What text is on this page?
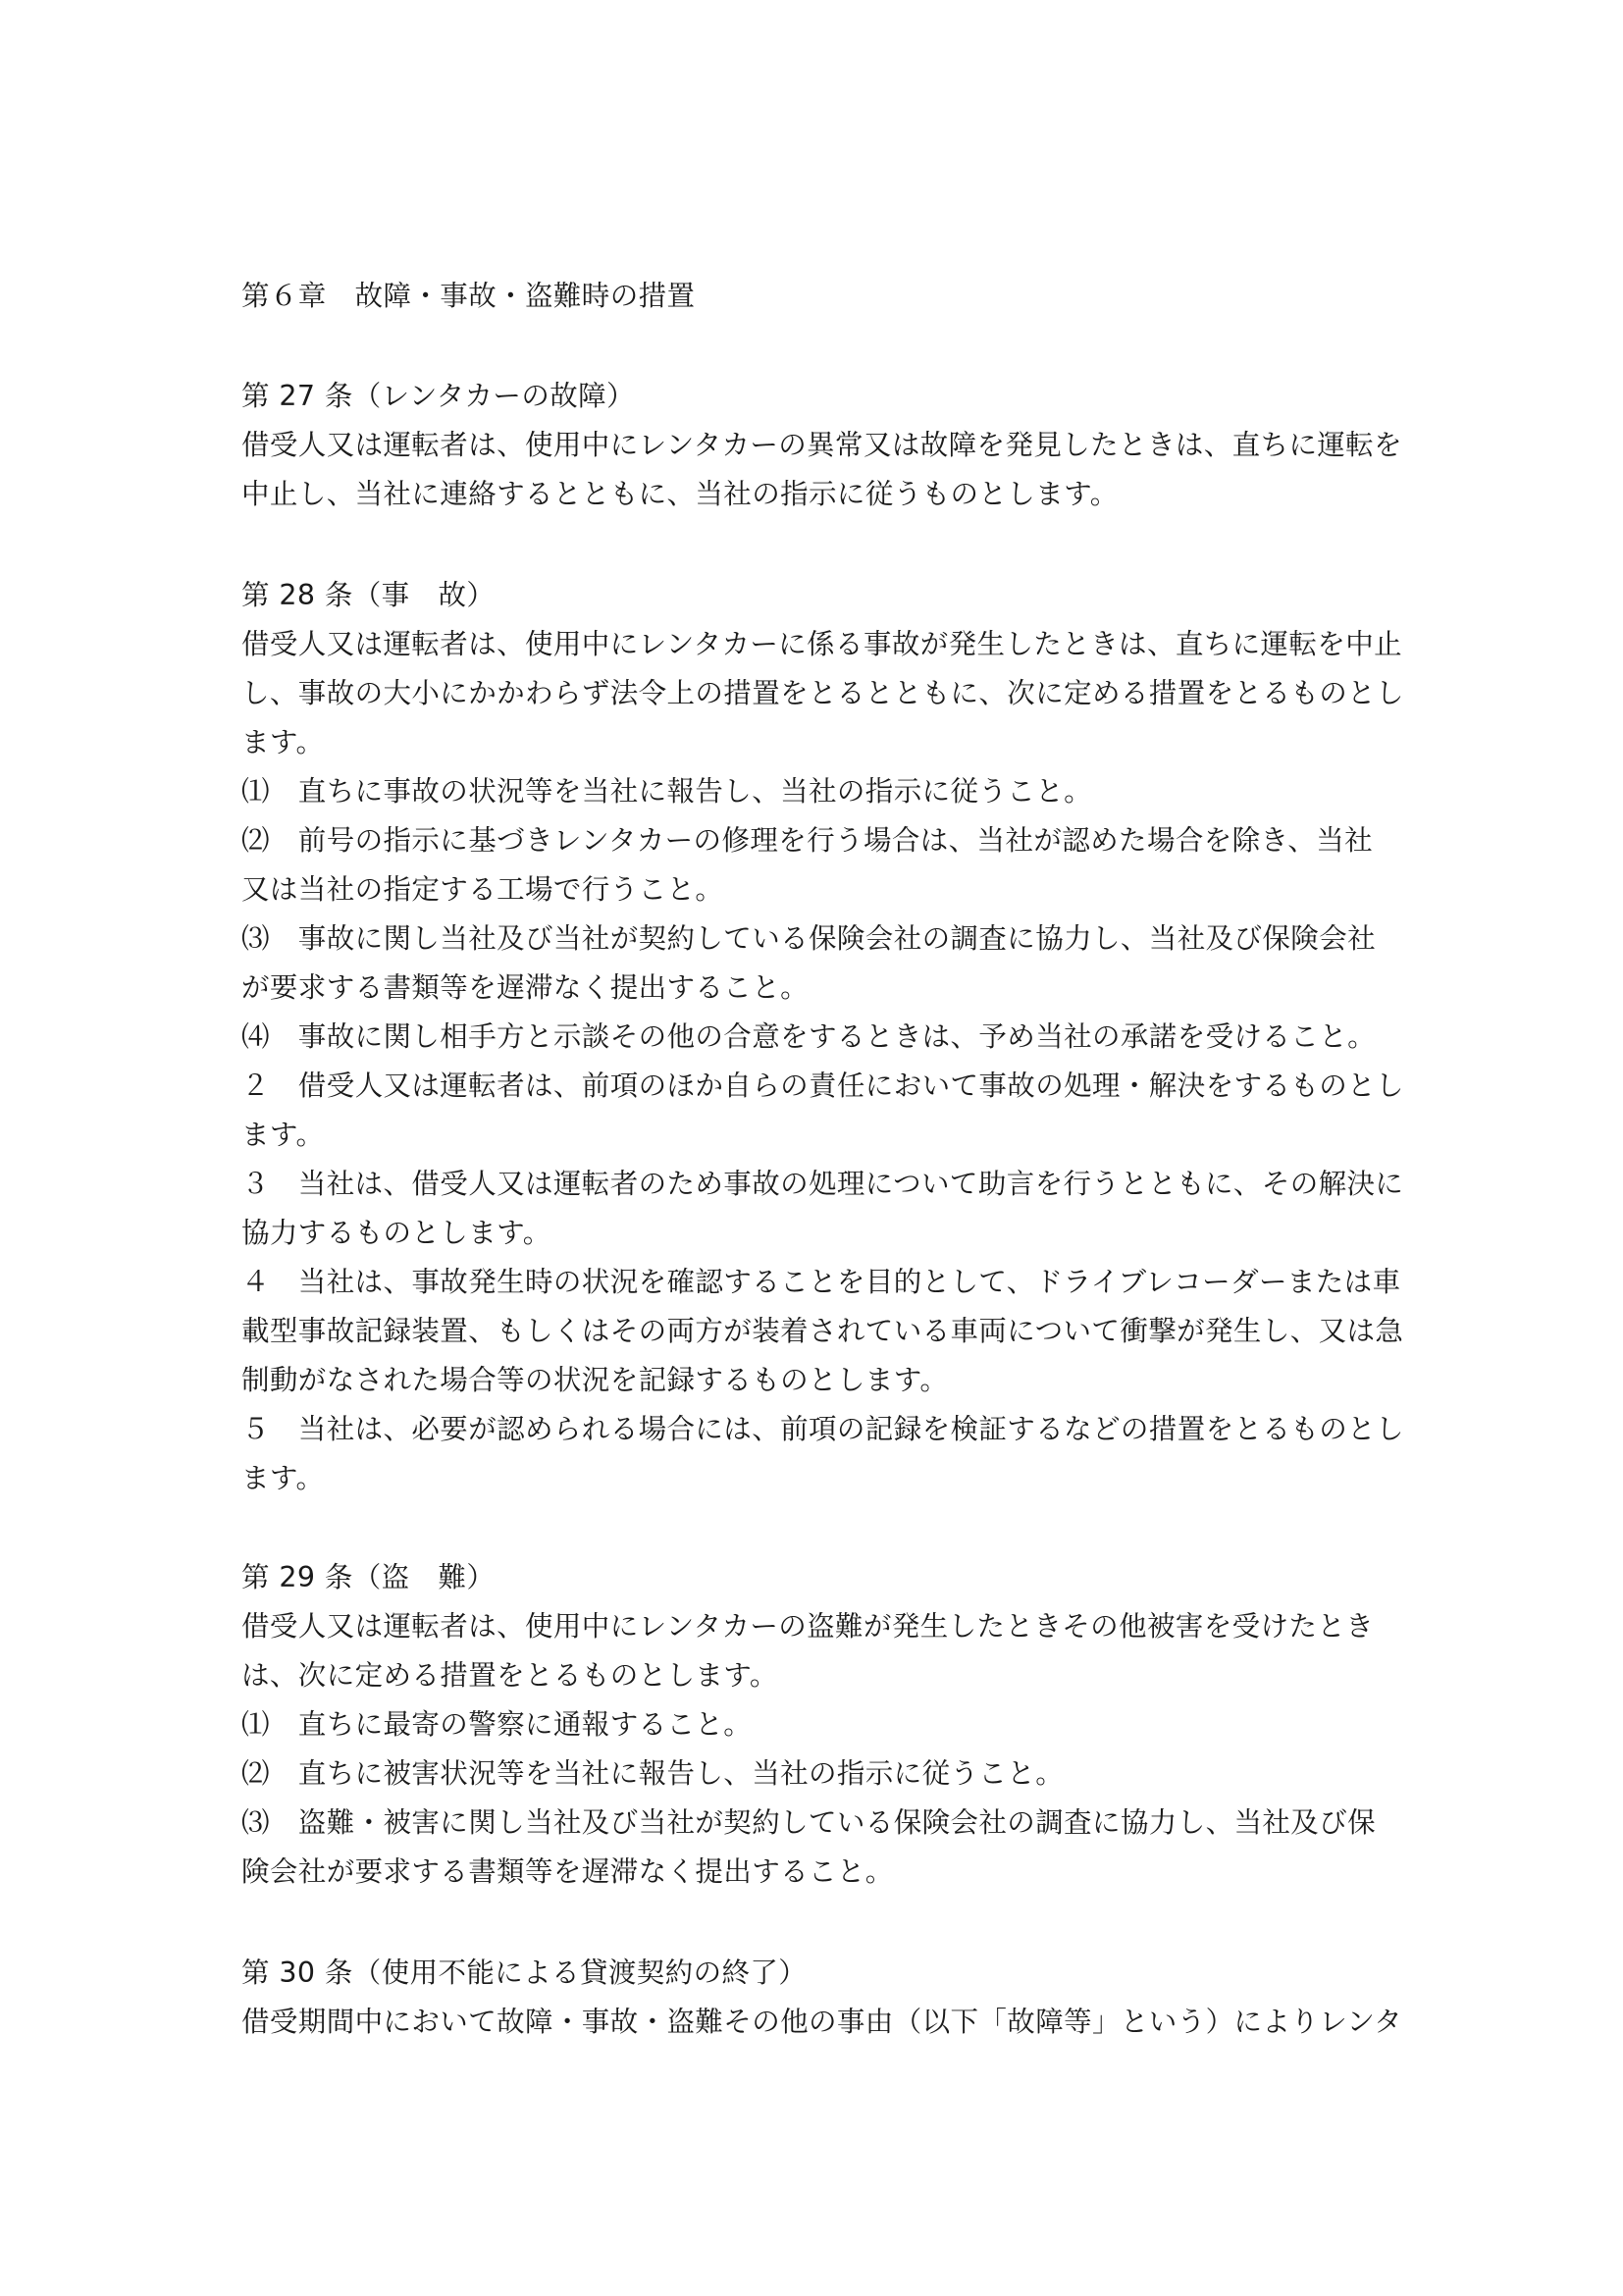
第６章　故障・事故・盗難時の措置
第 27 条（レンタカーの故障）
借受人又は運転者は、使用中にレンタカーの異常又は故障を発見したときは、直ちに運転を
中止し、当社に連絡するとともに、当社の指示に従うものとします。
第 28 条（事　故）
借受人又は運転者は、使用中にレンタカーに係る事故が発生したときは、直ちに運転を中止
し、事故の大小にかかわらず法令上の措置をとるとともに、次に定める措置をとるものとし
ます。
⑴　直ちに事故の状況等を当社に報告し、当社の指示に従うこと。
⑵　前号の指示に基づきレンタカーの修理を行う場合は、当社が認めた場合を除き、当社
又は当社の指定する工場で行うこと。
⑶　事故に関し当社及び当社が契約している保険会社の調査に協力し、当社及び保険会社
が要求する書類等を遅滞なく提出すること。
⑷　事故に関し相手方と示談その他の合意をするときは、予め当社の承諾を受けること。
２　借受人又は運転者は、前項のほか自らの責任において事故の処理・解決をするものとし
ます。
３　当社は、借受人又は運転者のため事故の処理について助言を行うとともに、その解決に
協力するものとします。
４　当社は、事故発生時の状況を確認することを目的として、ドライブレコーダーまたは車
載型事故記録装置、もしくはその両方が装着されている車両について衝撃が発生し、又は急
制動がなされた場合等の状況を記録するものとします。
５　当社は、必要が認められる場合には、前項の記録を検証するなどの措置をとるものとし
ます。
第 29 条（盗　難）
借受人又は運転者は、使用中にレンタカーの盗難が発生したときその他被害を受けたとき
は、次に定める措置をとるものとします。
⑴　直ちに最寄の警察に通報すること。
⑵　直ちに被害状況等を当社に報告し、当社の指示に従うこと。
⑶　盗難・被害に関し当社及び当社が契約している保険会社の調査に協力し、当社及び保
険会社が要求する書類等を遅滞なく提出すること。
第 30 条（使用不能による貸渡契約の終了）
借受期間中において故障・事故・盗難その他の事由（以下「故障等」という）によりレンタ
